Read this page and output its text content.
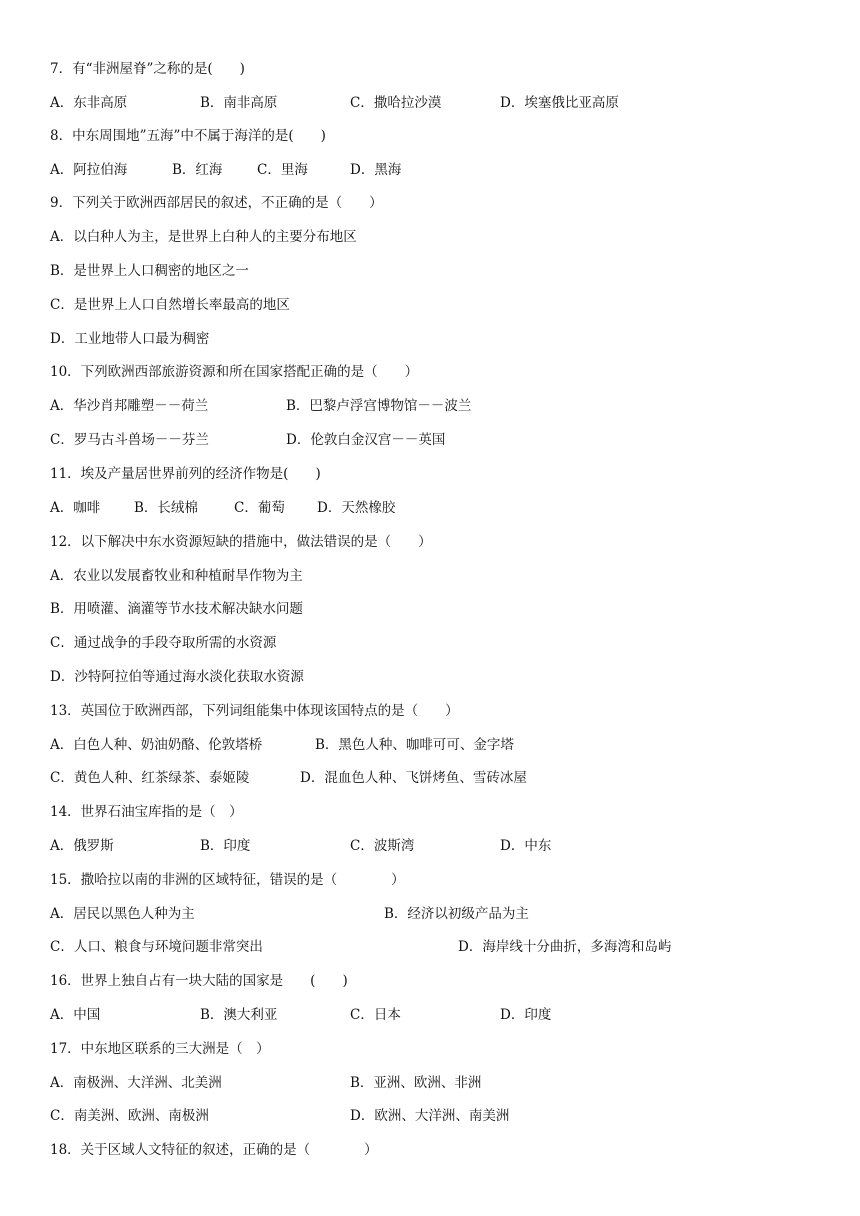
7．有“非洲屋脊”之称的是(　　)

A．东非高原

	B．南非高原

	C．撒哈拉沙漠

	D．埃塞俄比亚高原

8．中东周围地”五海”中不属于海洋的是(　　)

A．阿拉伯海

	B．红海

	C．里海

	D．黑海

9．下列关于欧洲西部居民的叙述，不正确的是（　　）
A．以白种人为主，是世界上白种人的主要分布地区
B．是世界上人口稠密的地区之一
C．是世界上人口自然增长率最高的地区
D．工业地带人口最为稠密
10．下列欧洲西部旅游资源和所在国家搭配正确的是（　　）

A．华沙肖邦雕塑－－荷兰

	B．巴黎卢浮宫博物馆－－波兰

C．罗马古斗兽场－－芬兰

	D．伦敦白金汉宫－－英国

11．埃及产量居世界前列的经济作物是(　　)

A．咖啡

	B．长绒棉

	C．葡萄

D．天然橡胶

12．以下解决中东水资源短缺的措施中，做法错误的是（　　）
A．农业以发展畜牧业和种植耐旱作物为主
B．用喷灌、滴灌等节水技术解决缺水问题
C．通过战争的手段夺取所需的水资源
D．沙特阿拉伯等通过海水淡化获取水资源
13．英国位于欧洲西部，下列词组能集中体现该国特点的是（　　）

A．白色人种、奶油奶酪、伦敦塔桥

	B．黑色人种、咖啡可可、金字塔

C．黄色人种、红茶绿茶、泰姬陵

	D．混血色人种、飞饼烤鱼、雪砖冰屋

14．世界石油宝库指的是（　）

A．俄罗斯

	B．印度

	C．波斯湾

	D．中东

15．撒哈拉以南的非洲的区域特征，错误的是（　　　　）

A．居民以黑色人种为主

	B．经济以初级产品为主

C．人口、粮食与环境问题非常突出

	D．海岸线十分曲折，多海湾和岛屿

16．世界上独自占有一块大陆的国家是　　(　　)

A．中国

	B．澳大利亚

	C．日本

	D．印度

17．中东地区联系的三大洲是（　）

A．南极洲、大洋洲、北美洲

	B．亚洲、欧洲、非洲

C．南美洲、欧洲、南极洲

	D．欧洲、大洋洲、南美洲

18．关于区域人文特征的叙述，正确的是（　　　　）
